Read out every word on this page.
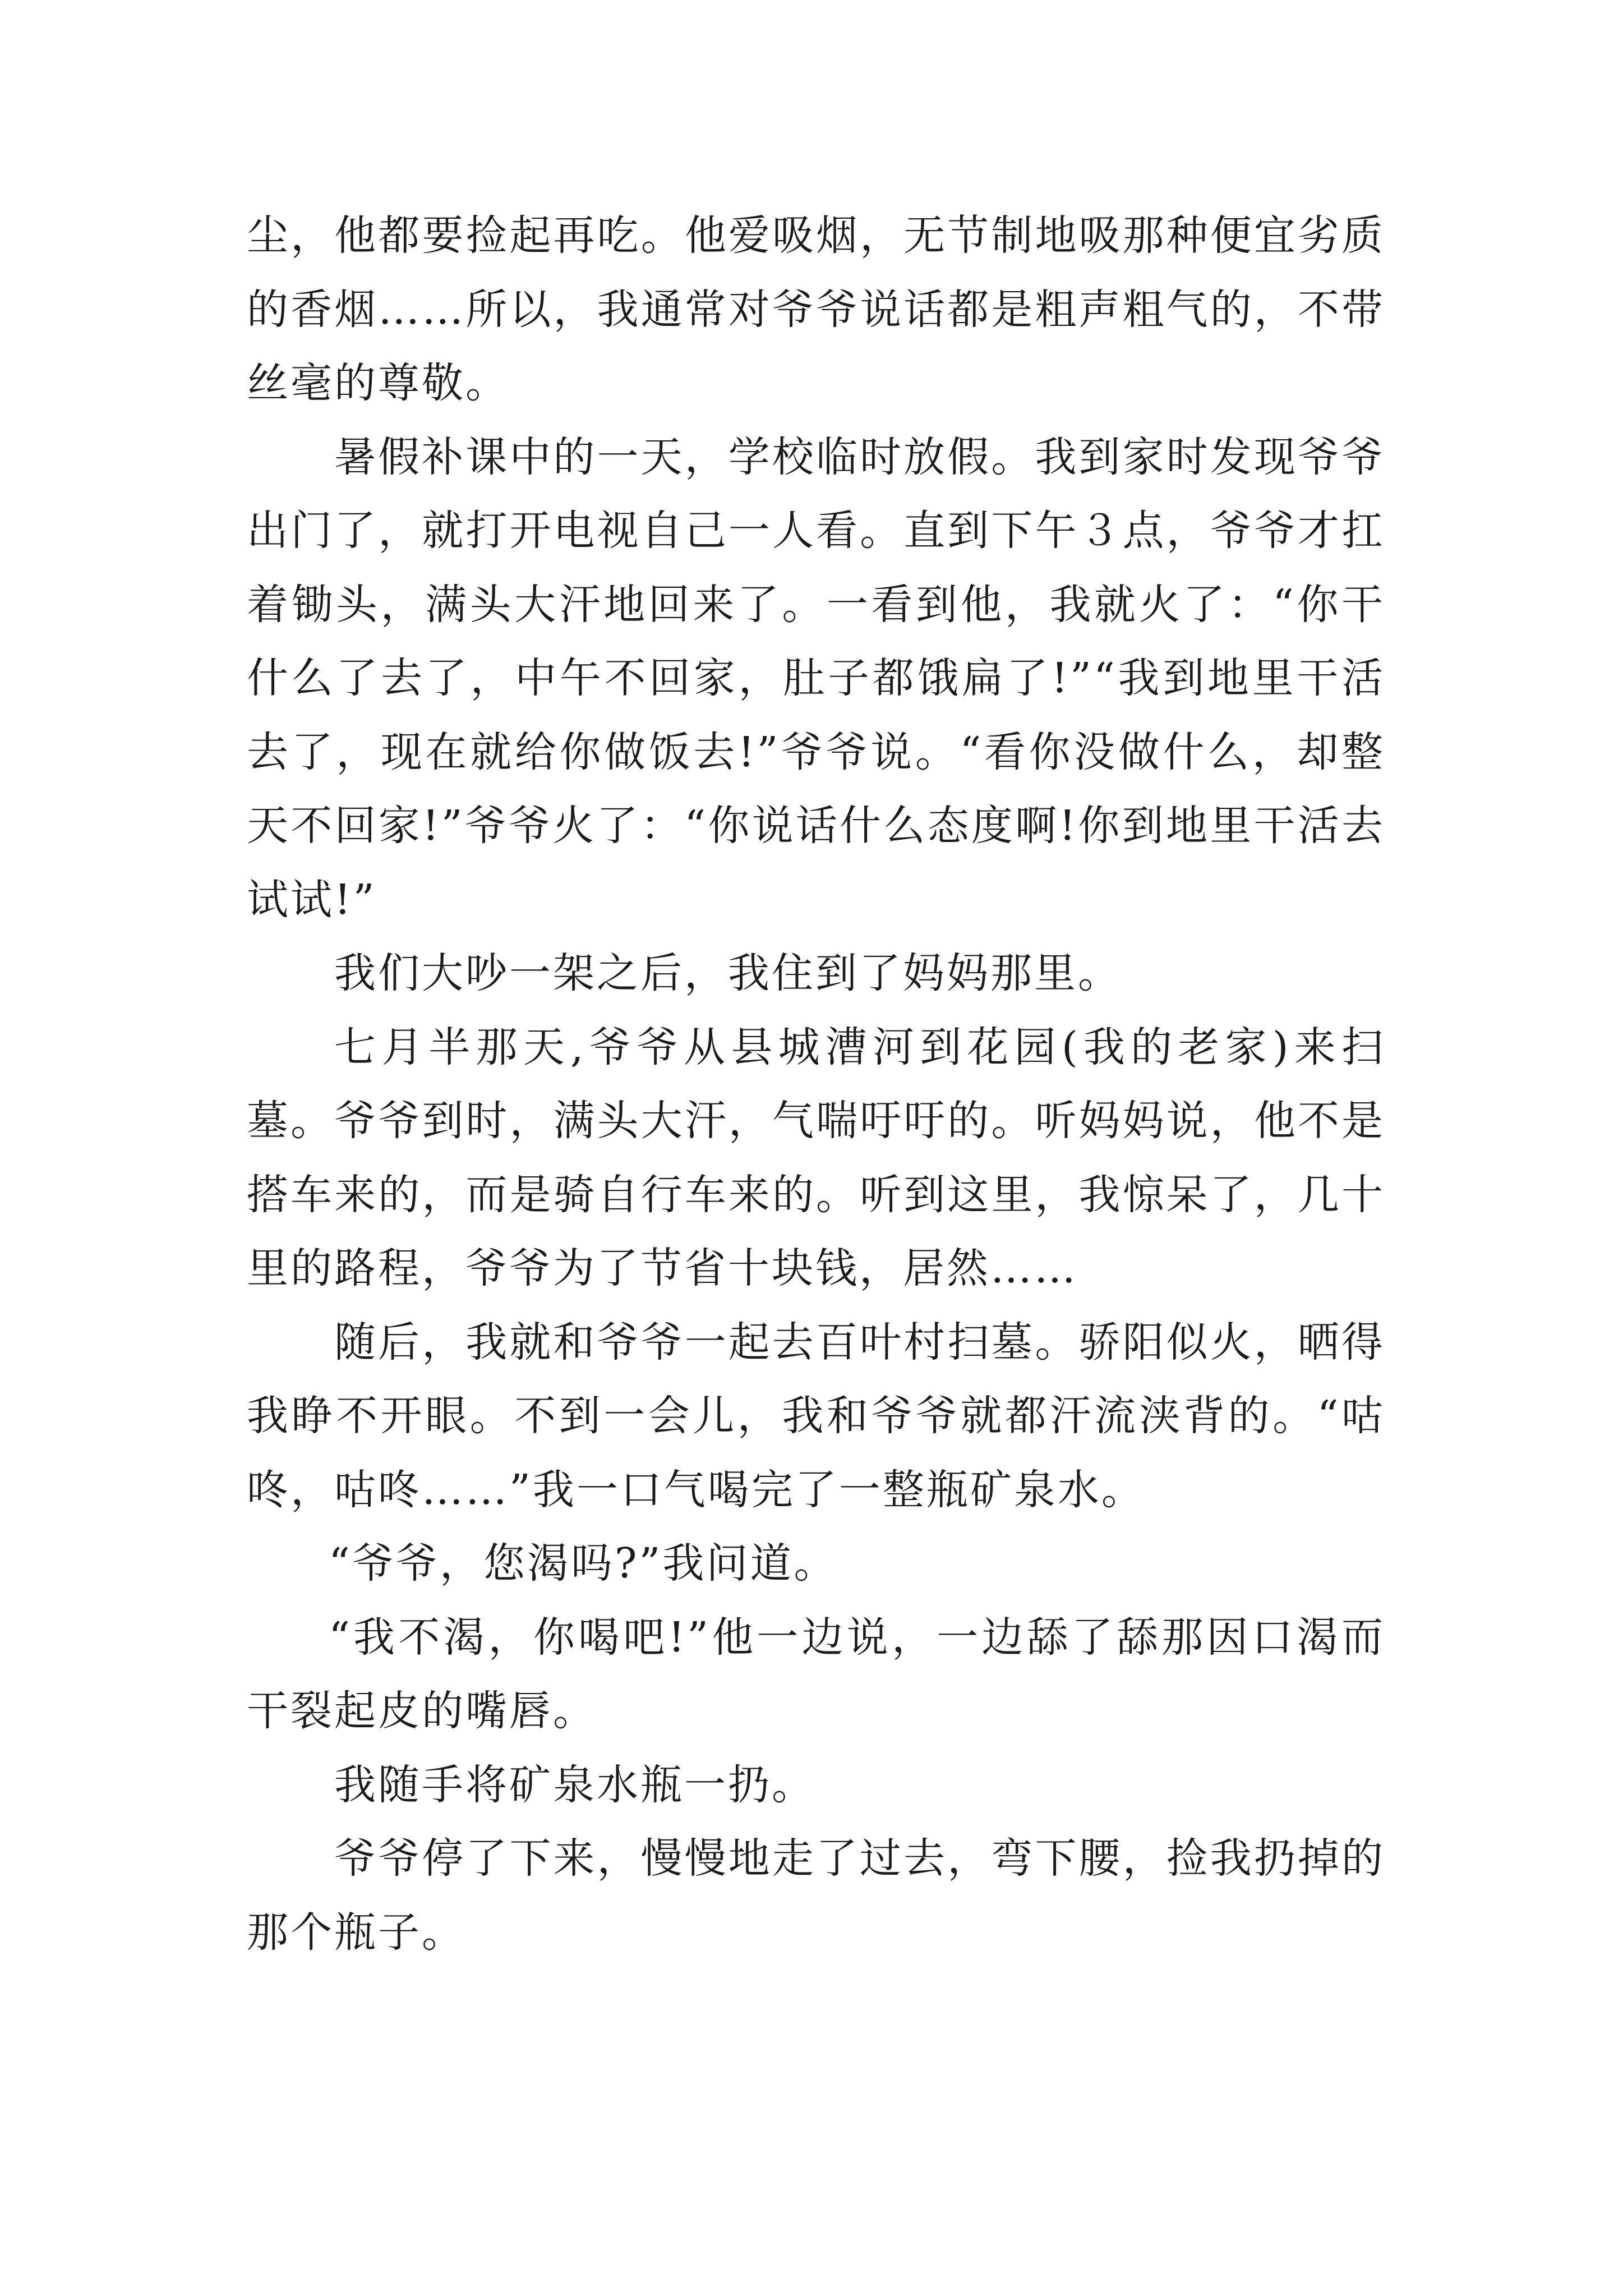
尘，他都要捡起再吃。他爱吸烟，无节制地吸那种便宜劣质的香烟……所以，我通常对爷爷说话都是粗声粗气的，不带丝毫的尊敬。

暑假补课中的一天，学校临时放假。我到家时发现爷爷出门了，就打开电视自己一人看。直到下午３点，爷爷才扛着锄头，满头大汗地回来了。一看到他，我就火了：“你干什么了去了，中午不回家，肚子都饿扁了!”“我到地里干活去了，现在就给你做饭去!”爷爷说。“看你没做什么，却整天不回家!”爷爷火了：“你说话什么态度啊!你到地里干活去试试!”

我们大吵一架之后，我住到了妈妈那里。

七月半那天,爷爷从县城漕河到花园(我的老家)来扫墓。爷爷到时，满头大汗，气喘吁吁的。听妈妈说，他不是搭车来的，而是骑自行车来的。听到这里，我惊呆了，几十里的路程，爷爷为了节省十块钱，居然……

随后，我就和爷爷一起去百叶村扫墓。骄阳似火，晒得我睁不开眼。不到一会儿，我和爷爷就都汗流浃背的。“咕咚，咕咚……”我一口气喝完了一整瓶矿泉水。

“爷爷，您渴吗?”我问道。

“我不渴，你喝吧!”他一边说，一边舔了舔那因口渴而干裂起皮的嘴唇。

我随手将矿泉水瓶一扔。

爷爷停了下来，慢慢地走了过去，弯下腰，捡我扔掉的那个瓶子。
